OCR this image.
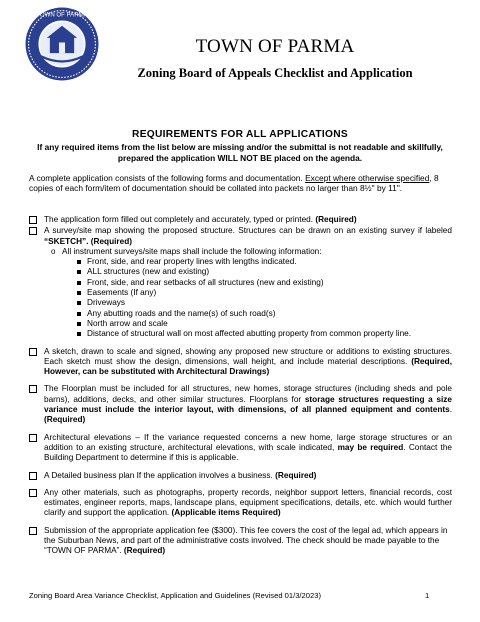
TOWN OF PARMA
TOWN OF PARMA
Zoning Board of Appeals Checklist and Application
REQUIREMENTS FOR ALL APPLICATIONS
If any required items from the list below are missing and/or the submittal is not readable and skillfully, prepared the application WILL NOT BE placed on the agenda.
A complete application consists of the following forms and documentation. Except where otherwise specified, 8 copies of each form/item of documentation should be collated into packets no larger than 8½" by 11".
The application form filled out completely and accurately, typed or printed. (Required)
A survey/site map showing the proposed structure. Structures can be drawn on an existing survey if labeled “SKETCH”. (Required)
o All instrument surveys/site maps shall include the following information:
Front, side, and rear property lines with lengths indicated.
ALL structures (new and existing)
Front, side, and rear setbacks of all structures (new and existing)
Easements (If any)
Driveways
Any abutting roads and the name(s) of such road(s)
North arrow and scale
Distance of structural wall on most affected abutting property from common property line.
A sketch, drawn to scale and signed, showing any proposed new structure or additions to existing structures. Each sketch must show the design, dimensions, wall height, and include material descriptions. (Required, However, can be substituted with Architectural Drawings)
The Floorplan must be included for all structures, new homes, storage structures (including sheds and pole barns), additions, decks, and other similar structures. Floorplans for storage structures requesting a size variance must include the interior layout, with dimensions, of all planned equipment and contents. (Required)
Architectural elevations – If the variance requested concerns a new home, large storage structures or an addition to an existing structure, architectural elevations, with scale indicated, may be required. Contact the Building Department to determine if this is applicable.
A Detailed business plan If the application involves a business. (Required)
Any other materials, such as photographs, property records, neighbor support letters, financial records, cost estimates, engineer reports, maps, landscape plans, equipment specifications, details, etc. which would further clarify and support the application. (Applicable items Required)
Submission of the appropriate application fee ($300). This fee covers the cost of the legal ad, which appears in the Suburban News, and part of the administrative costs involved. The check should be made payable to the “TOWN OF PARMA”. (Required)
Zoning Board Area Variance Checklist, Application and Guidelines (Revised 01/3/2023)	1
